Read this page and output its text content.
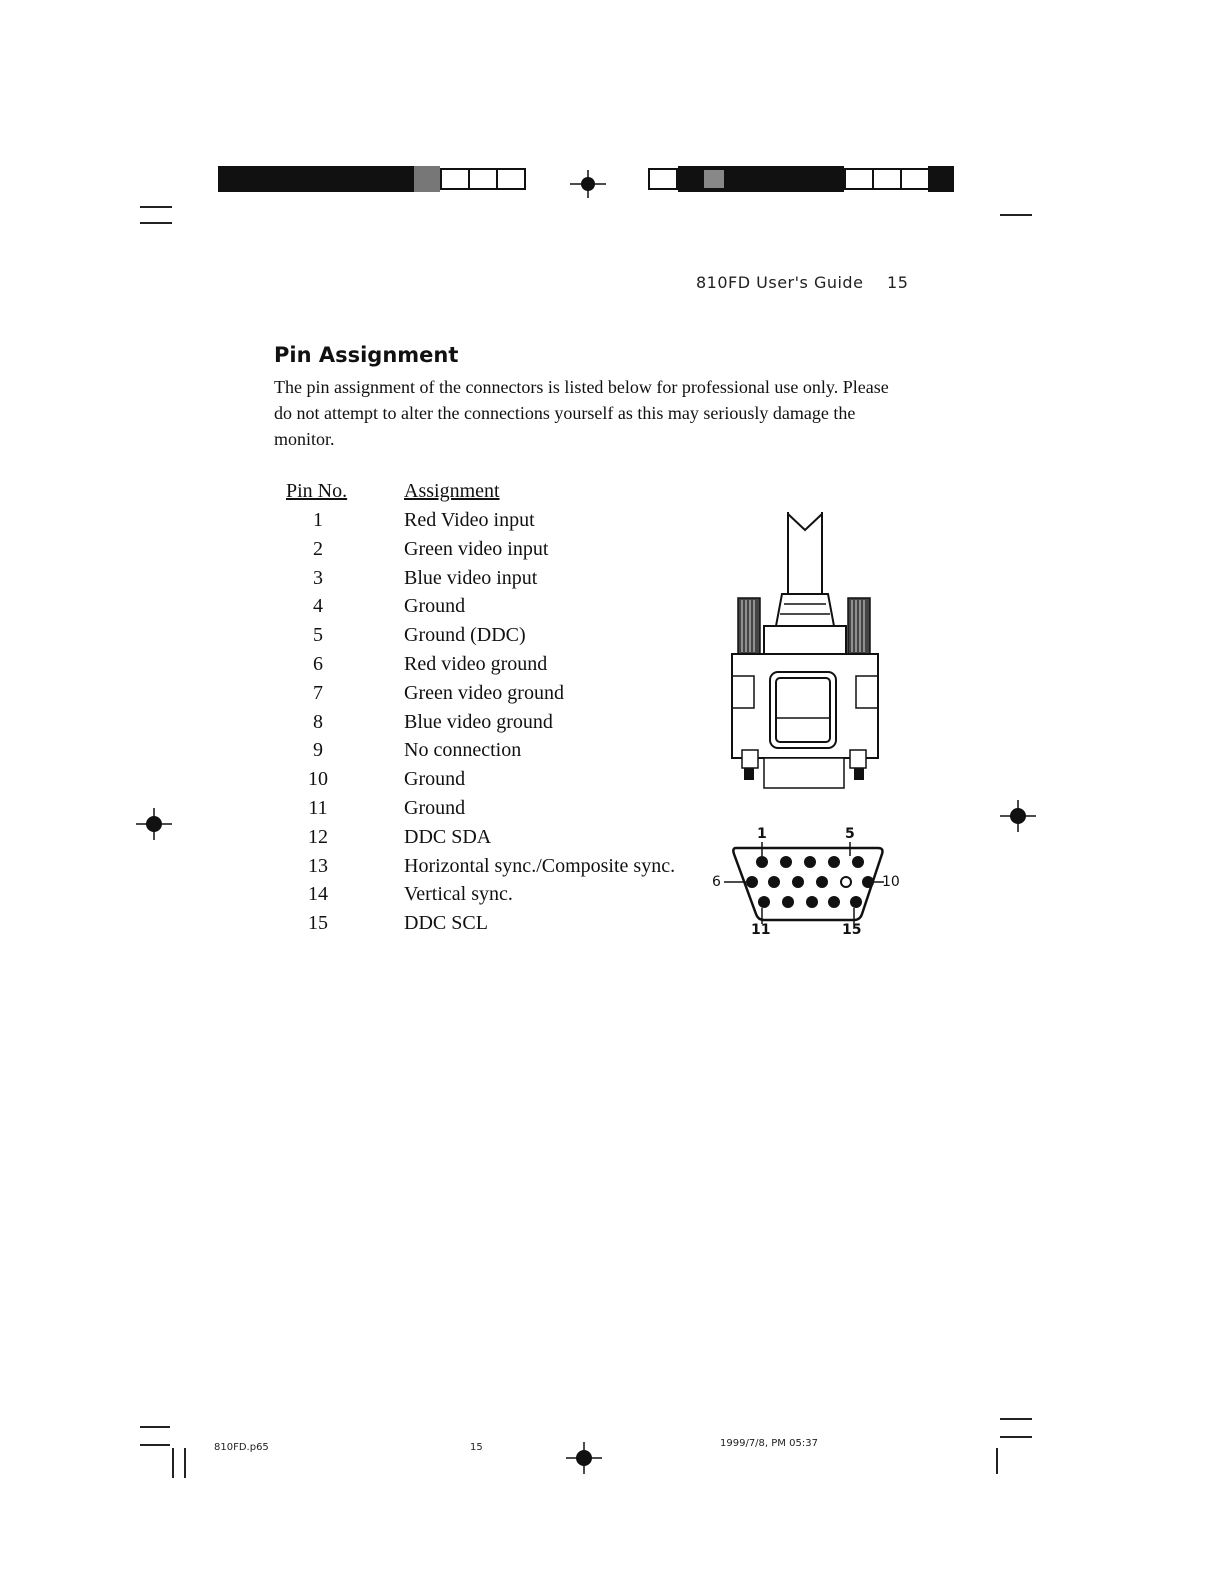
810FD User's Guide 15
Pin Assignment
The pin assignment of the connectors is listed below for professional use only. Please do not attempt to alter the connections yourself as this may seriously damage the monitor.
Pin No.	Assignment
1	Red Video input
2	Green video input
3	Blue video input
4	Ground
5	Ground (DDC)
6	Red video ground
7	Green video ground
8	Blue video ground
9	No connection
10	Ground
11	Ground
12	DDC SDA
13	Horizontal sync./Composite sync.
14	Vertical sync.
15	DDC SCL
1	5
6	10
11	15
810FD.p65	15	1999/7/8, PM 05:37
